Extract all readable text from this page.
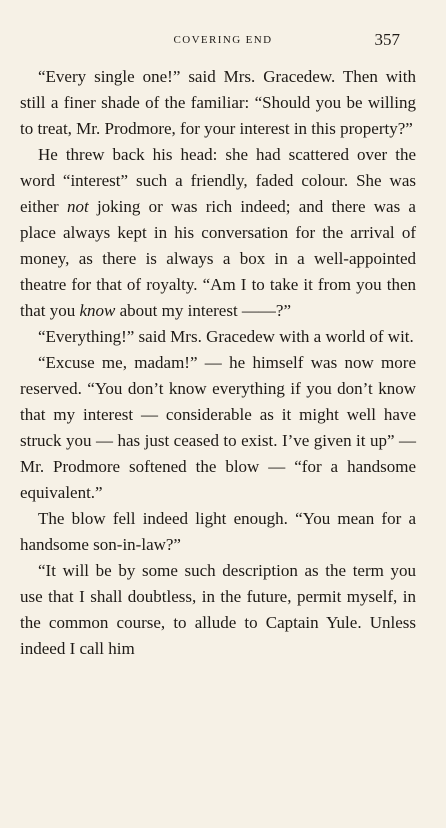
COVERING END	357

“Every single one!” said Mrs. Gracedew. Then with still a finer shade of the familiar: “Should you be willing to treat, Mr. Prodmore, for your interest in this property?”

He threw back his head: she had scattered over the word “interest” such a friendly, faded colour. She was either not joking or was rich indeed; and there was a place always kept in his conversation for the arrival of money, as there is always a box in a well-appointed theatre for that of royalty. “Am I to take it from you then that you know about my interest ——?”

“Everything!” said Mrs. Gracedew with a world of wit.

“Excuse me, madam!” — he himself was now more reserved. “You don’t know everything if you don’t know that my interest — considerable as it might well have struck you — has just ceased to exist. I’ve given it up” — Mr. Prodmore softened the blow — “for a handsome equivalent.”

The blow fell indeed light enough. “You mean for a handsome son-in-law?”

“It will be by some such description as the term you use that I shall doubtless, in the future, permit myself, in the common course, to allude to Captain Yule. Unless indeed I call him
